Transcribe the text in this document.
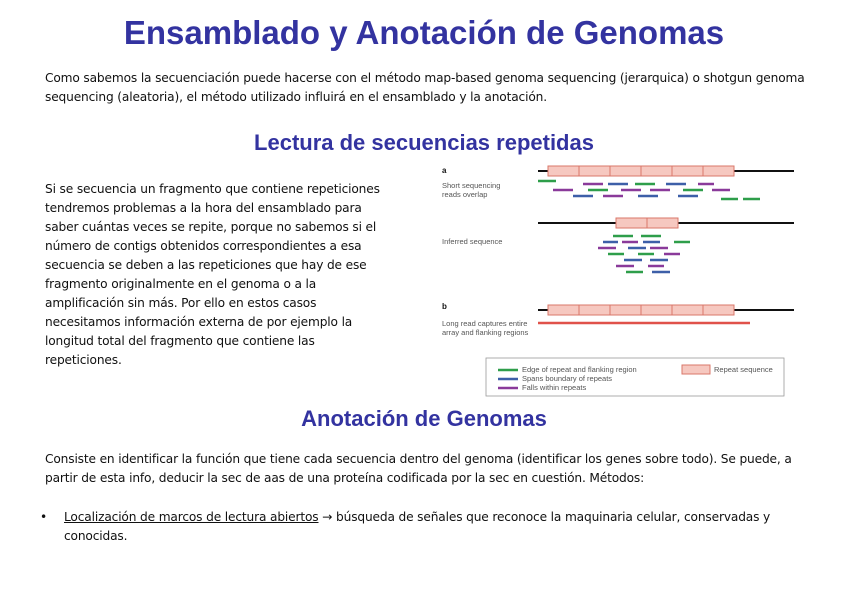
Ensamblado y Anotación de Genomas
Como sabemos la secuenciación puede hacerse con el método map-based genoma sequencing (jerarquica) o shotgun genoma sequencing (aleatoria), el método utilizado influirá en el ensamblado y la anotación.
Lectura de secuencias repetidas
Si se secuencia un fragmento que contiene repeticiones tendremos problemas a la hora del ensamblado para saber cuántas veces se repite, porque no sabemos si el número de contigs obtenidos correspondientes a esa secuencia se deben a las repeticiones que hay de ese fragmento originalmente en el genoma o a la amplificación sin más. Por ello en estos casos necesitamos información externa de por ejemplo la longitud total del fragmento que contiene las repeticiones.
a
Short sequencing
reads overlap
Inferred sequence
b
Long read captures entire
array and flanking regions
Edge of repeat and flanking region
Spans boundary of repeats
Falls within repeats
Repeat sequence
Anotación de Genomas
Consiste en identificar la función que tiene cada secuencia dentro del genoma (identificar los genes sobre todo). Se puede, a partir de esta info, deducir la sec de aas de una proteína codificada por la sec en cuestión. Métodos:
• Localización de marcos de lectura abiertos → búsqueda de señales que reconoce la maquinaria celular, conservadas y conocidas.
